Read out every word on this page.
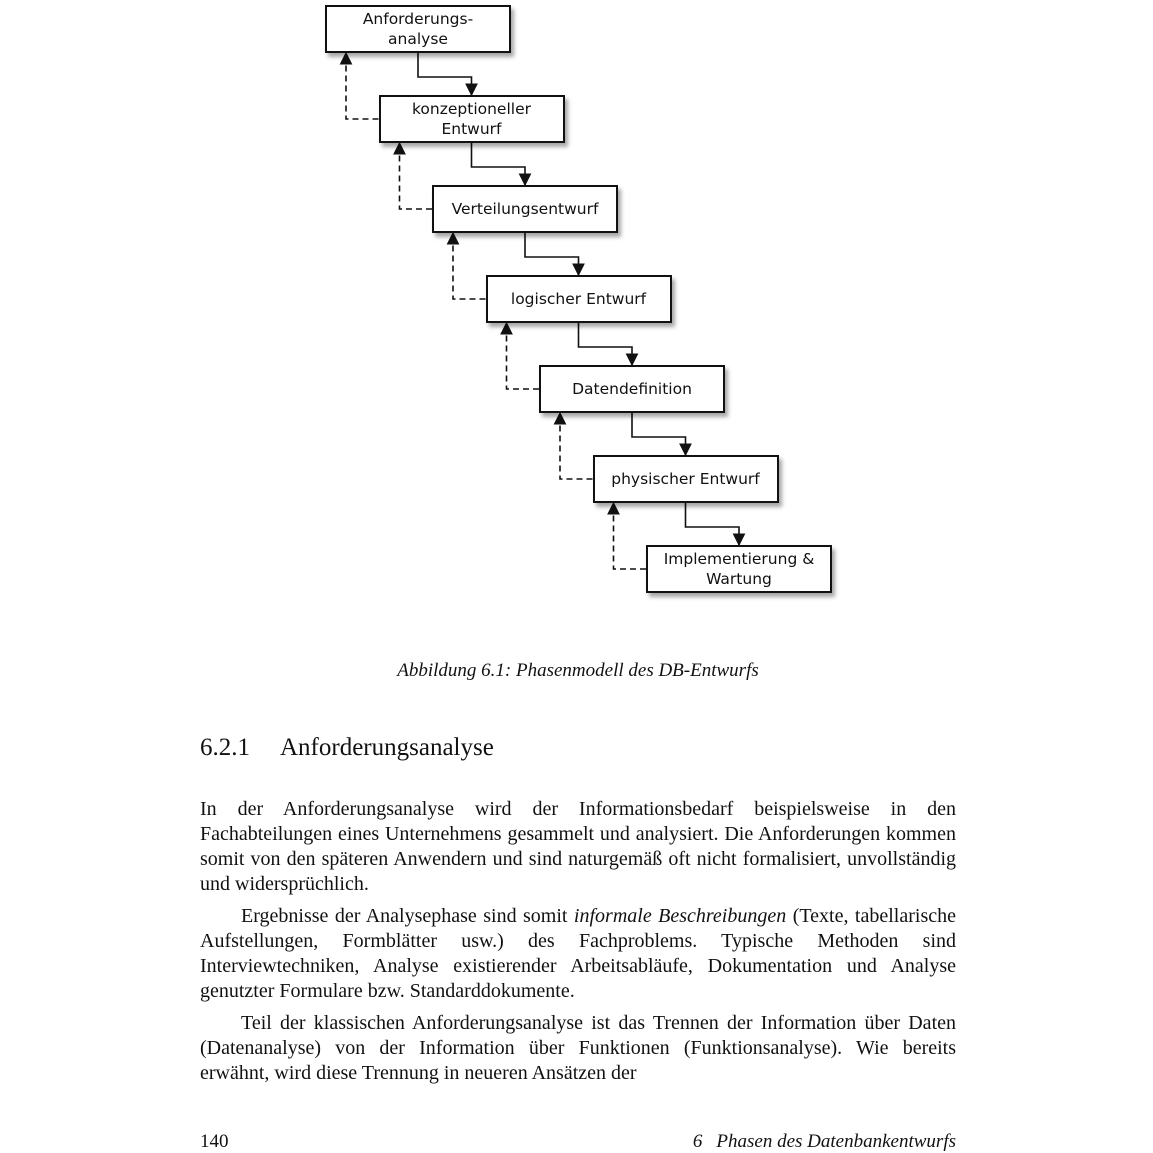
Anforderungs-
analyse
konzeptioneller
Entwurf
Verteilungsentwurf
logischer Entwurf
Datendefinition
physischer Entwurf
Implementierung &
Wartung
Abbildung 6.1: Phasenmodell des DB-Entwurfs
6.2.1 Anforderungsanalyse

In der Anforderungsanalyse wird der Informationsbedarf beispielsweise in den Fachabteilungen eines Unternehmens gesammelt und analysiert. Die Anforderungen kommen somit von den späteren Anwendern und sind naturgemäß oft nicht formalisiert, unvollständig und widersprüchlich.

Ergebnisse der Analysephase sind somit informale Beschreibungen (Texte, tabellarische Aufstellungen, Formblätter usw.) des Fachproblems. Typische Methoden sind Interviewtechniken, Analyse existierender Arbeitsabläufe, Dokumentation und Analyse genutzter Formulare bzw. Standarddokumente.

Teil der klassischen Anforderungsanalyse ist das Trennen der Information über Daten (Datenanalyse) von der Information über Funktionen (Funktionsanalyse). Wie bereits erwähnt, wird diese Trennung in neueren Ansätzen der

140	6 Phasen des Datenbankentwurfs
